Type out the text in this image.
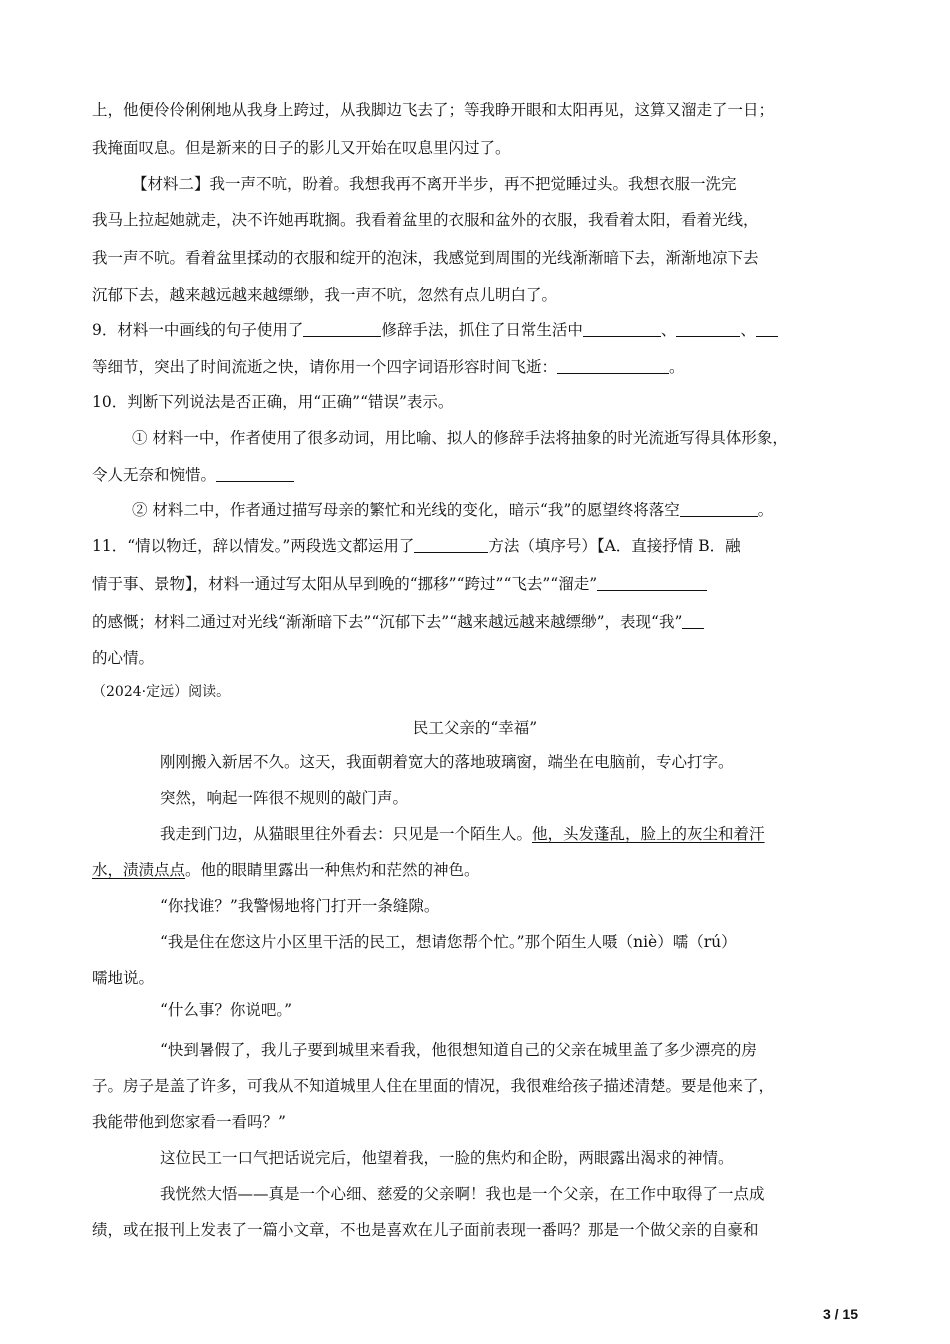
上，他便伶伶俐俐地从我身上跨过，从我脚边飞去了；等我睁开眼和太阳再见，这算又溜走了一日；
我掩面叹息。但是新来的日子的影儿又开始在叹息里闪过了。
【材料二】我一声不吭，盼着。我想我再不离开半步，再不把觉睡过头。我想衣服一洗完
我马上拉起她就走，决不许她再耽搁。我看着盆里的衣服和盆外的衣服，我看着太阳，看着光线，
我一声不吭。看着盆里揉动的衣服和绽开的泡沫，我感觉到周围的光线渐渐暗下去，渐渐地凉下去
沉郁下去，越来越远越来越缥缈，我一声不吭，忽然有点儿明白了。
9．材料一中画线的句子使用了	修辞手法，抓住了日常生活中	、	、
等细节，突出了时间流逝之快，请你用一个四字词语形容时间飞逝：	。
10．判断下列说法是否正确，用“正确”“错误”表示。
① 材料一中，作者使用了很多动词，用比喻、拟人的修辞手法将抽象的时光流逝写得具体形象，
令人无奈和惋惜。
② 材料二中，作者通过描写母亲的繁忙和光线的变化，暗示“我”的愿望终将落空	。
11．“情以物迁，辞以情发。”两段选文都运用了	方法（填序号）【A．直接抒情 B．融
情于事、景物】，材料一通过写太阳从早到晚的“挪移”“跨过”“飞去”“溜走”
的感慨；材料二通过对光线“渐渐暗下去”“沉郁下去”“越来越远越来越缥缈”，表现“我”
的心情。
（2024·定远）阅读。
民工父亲的“幸福”
刚刚搬入新居不久。这天，我面朝着宽大的落地玻璃窗，端坐在电脑前，专心打字。
突然，响起一阵很不规则的敲门声。
我走到门边，从猫眼里往外看去：只见是一个陌生人。他，头发蓬乱，脸上的灰尘和着汗
水，渍渍点点。他的眼睛里露出一种焦灼和茫然的神色。
“你找谁？”我警惕地将门打开一条缝隙。
“我是住在您这片小区里干活的民工，想请您帮个忙。”那个陌生人嗫（niè）嚅（rú）
嚅地说。
“什么事？你说吧。”
“快到暑假了，我儿子要到城里来看我，他很想知道自己的父亲在城里盖了多少漂亮的房
子。房子是盖了许多，可我从不知道城里人住在里面的情况，我很难给孩子描述清楚。要是他来了，
我能带他到您家看一看吗？”
这位民工一口气把话说完后，他望着我，一脸的焦灼和企盼，两眼露出渴求的神情。
我恍然大悟——真是一个心细、慈爱的父亲啊！我也是一个父亲，在工作中取得了一点成
绩，或在报刊上发表了一篇小文章，不也是喜欢在儿子面前表现一番吗？那是一个做父亲的自豪和
3 / 15
